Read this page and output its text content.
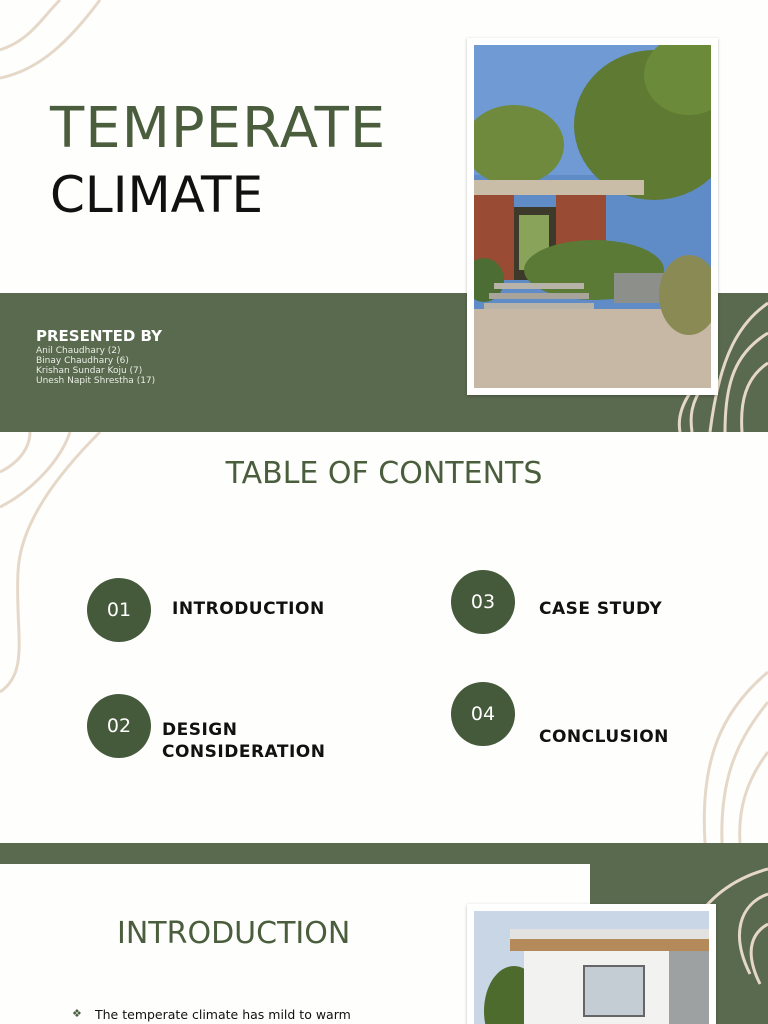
TEMPERATE
CLIMATE
PRESENTED BY
Anil Chaudhary (2)
Binay Chaudhary (6)
Krishan Sundar Koju (7)
Unesh Napit Shrestha (17)
TABLE OF CONTENTS
01	INTRODUCTION
02	DESIGN
CONSIDERATION
03	CASE STUDY
04
CONCLUSION
INTRODUCTION
❖ The temperate climate has mild to warm
